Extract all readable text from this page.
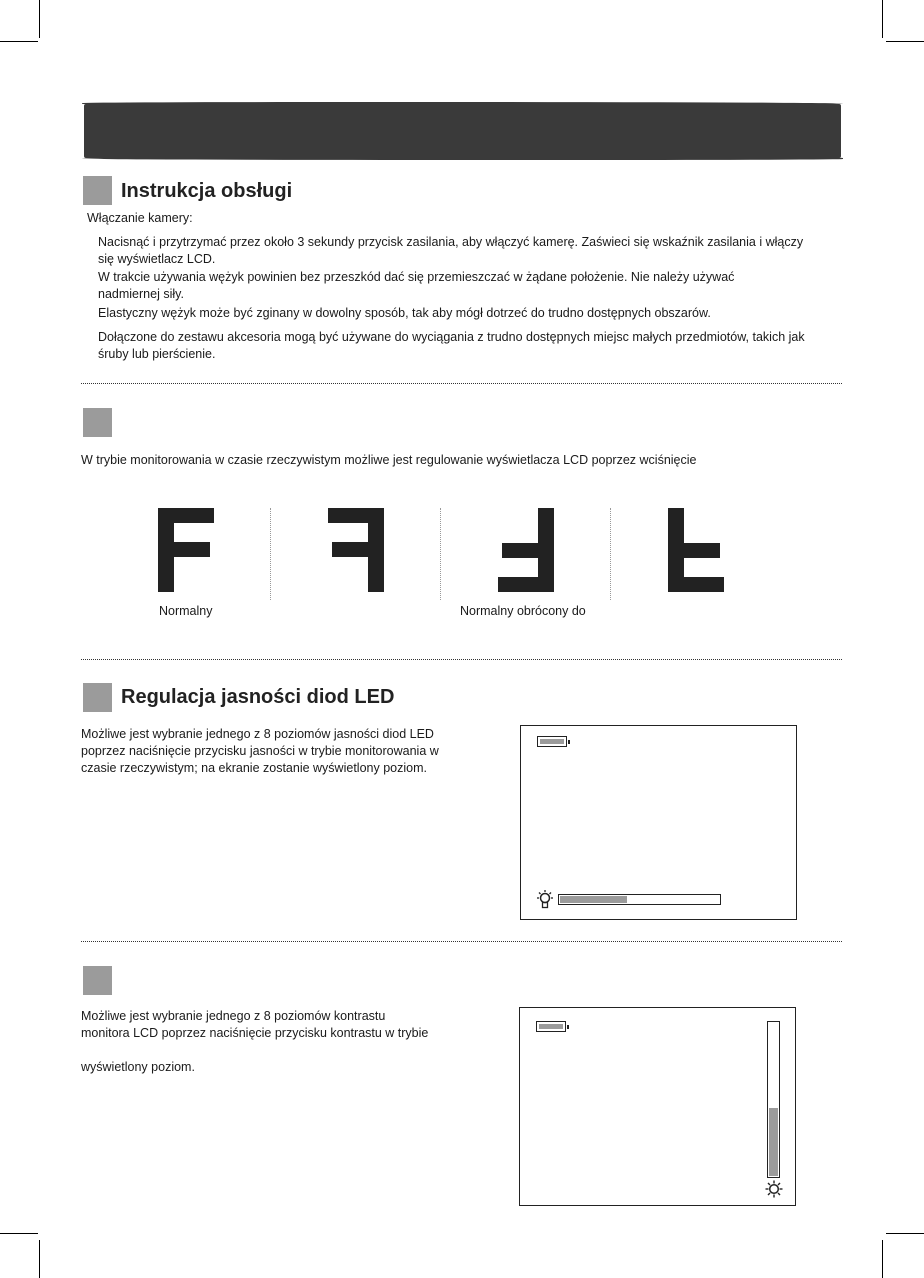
Instrukcja obsługi
Włączanie kamery:

Nacisnąć i przytrzymać przez około 3 sekundy przycisk zasilania, aby włączyć kamerę. Zaświeci się wskaźnik zasilania i włączy
się wyświetlacz LCD.

W trakcie używania wężyk powinien bez przeszkód dać się przemieszczać w żądane położenie. Nie należy używać
nadmiernej siły.

Elastyczny wężyk może być zginany w dowolny sposób, tak aby mógł dotrzeć do trudno dostępnych obszarów.

Dołączone do zestawu akcesoria mogą być używane do wyciągania z trudno dostępnych miejsc małych przedmiotów, takich jak
śruby lub pierścienie.

W trybie monitorowania w czasie rzeczywistym możliwe jest regulowanie wyświetlacza LCD poprzez wciśnięcie
Normalny	Normalny obrócony do
Regulacja jasności diod LED

Możliwe jest wybranie jednego z 8 poziomów jasności diod LED
poprzez naciśnięcie przycisku jasności w trybie monitorowania w
czasie rzeczywistym; na ekranie zostanie wyświetlony poziom.

Możliwe jest wybranie jednego z 8 poziomów kontrastu
monitora LCD poprzez naciśnięcie przycisku kontrastu w trybie

wyświetlony poziom.
